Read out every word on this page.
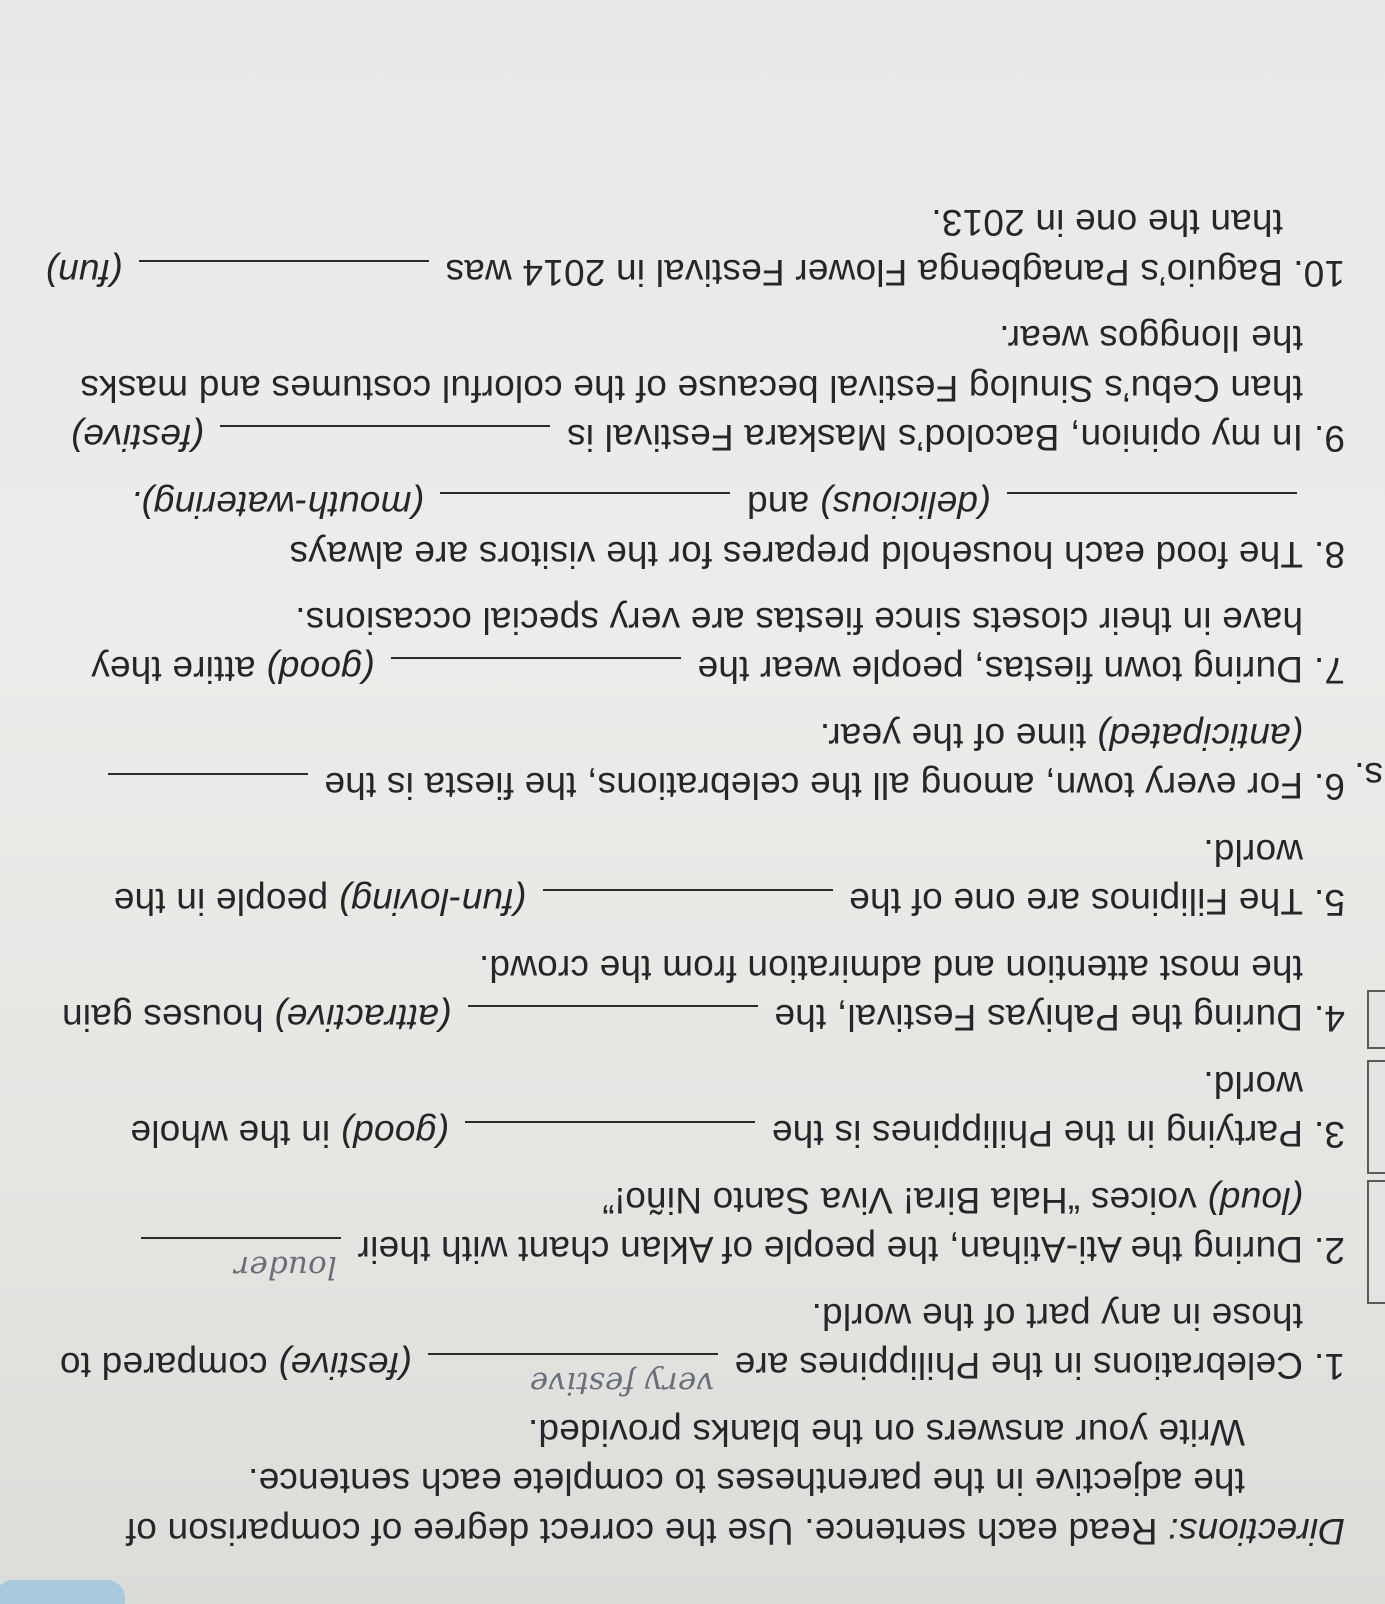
s.
Directions: Read each sentence. Use the correct degree of comparison of
the adjective in the parentheses to complete each sentence.
Write your answers on the blanks provided.
1.
Celebrations in the Philippines are
very festive
(festive) compared to those in any part of the world.
2.
During the Ati-Atihan, the people of Aklan chant with their
louder
(loud) voices “Hala Bira! Viva Santo Niño!”
3.
Partying in the Philippines is the  (good) in the whole world.
4.
During the Pahiyas Festival, the  (attractive) houses gain the most attention and admiration from the crowd.
5.
The Filipinos are one of the  (fun-loving) people in the world.
6.
For every town, among all the celebrations, the fiesta is the  (anticipated) time of the year.
7.
During town fiestas, people wear the  (good) attire they have in their closets since fiestas are very special occasions.
8.
The food each household prepares for the visitors are always  (delicious) and  (mouth-watering).
9.
In my opinion, Bacolod’s Maskara Festival is  (festive) than Cebu’s Sinulog Festival because of the colorful costumes and masks the Ilonggos wear.
10.
Baguio’s Panagbenga Flower Festival in 2014 was  (fun) than the one in 2013.
